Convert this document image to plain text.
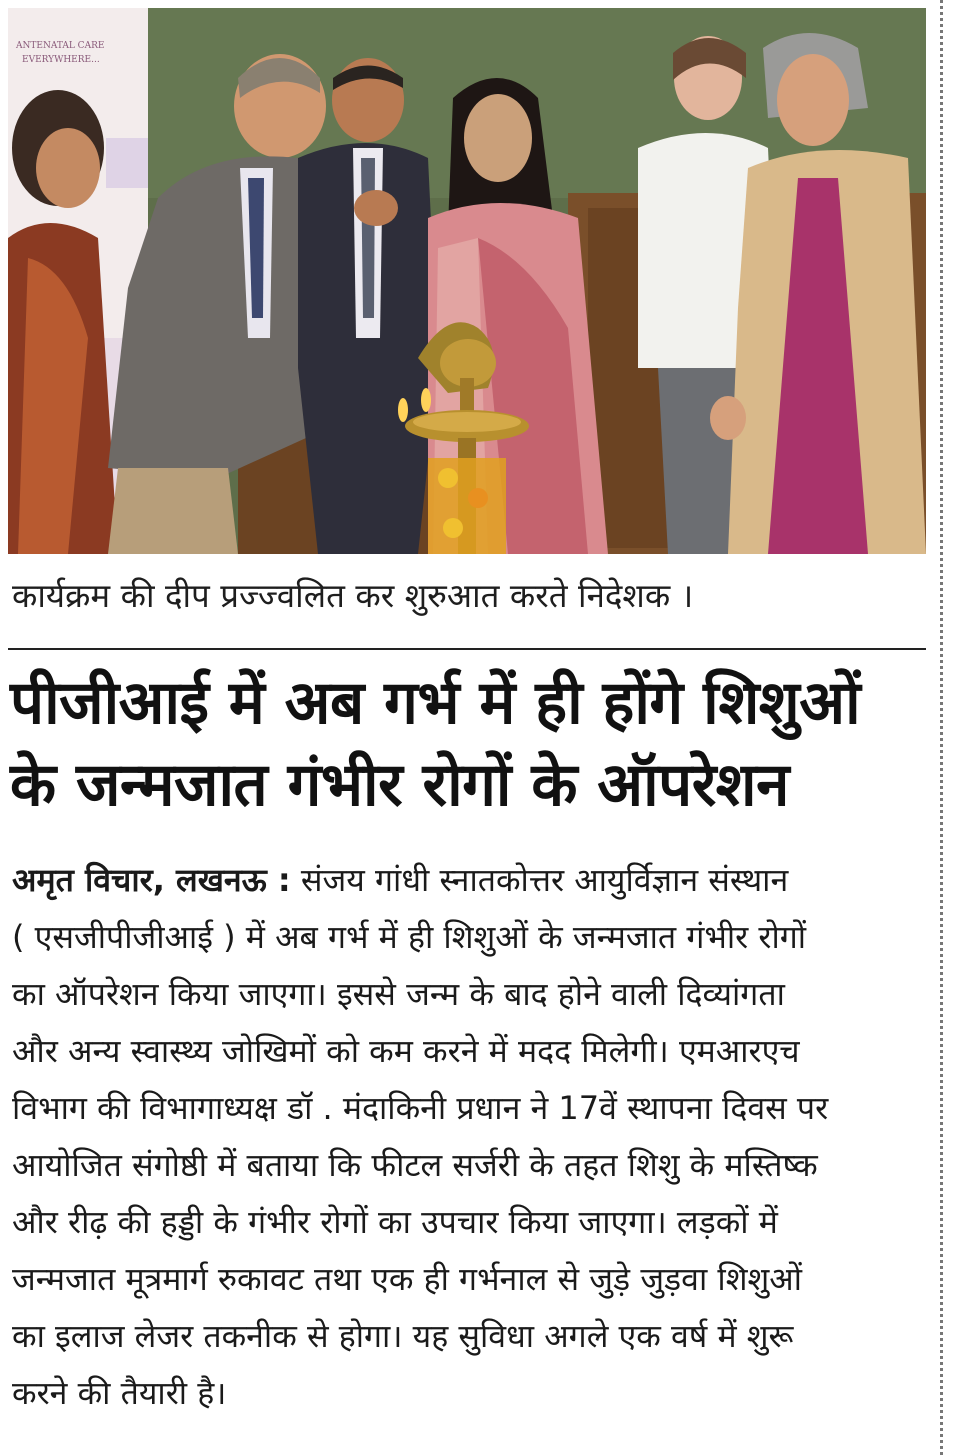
ANTENATAL CARE
EVERYWHERE...
कार्यक्रम की दीप प्रज्ज्वलित कर शुरुआत करते निदेशक ।
पीजीआई में अब गर्भ में ही होंगे शिशुओं
के जन्मजात गंभीर रोगों के ऑपरेशन
अमृत विचार, लखनऊ : संजय गांधी स्नातकोत्तर आयुर्विज्ञान संस्थान
( एसजीपीजीआई ) में अब गर्भ में ही शिशुओं के जन्मजात गंभीर रोगों
का ऑपरेशन किया जाएगा। इससे जन्म के बाद होने वाली दिव्यांगता
और अन्य स्वास्थ्य जोखिमों को कम करने में मदद मिलेगी। एमआरएच
विभाग की विभागाध्यक्ष डॉ . मंदाकिनी प्रधान ने 17वें स्थापना दिवस पर
आयोजित संगोष्ठी में बताया कि फीटल सर्जरी के तहत शिशु के मस्तिष्क
और रीढ़ की हड्डी के गंभीर रोगों का उपचार किया जाएगा। लड़कों में
जन्मजात मूत्रमार्ग रुकावट तथा एक ही गर्भनाल से जुड़े जुड़वा शिशुओं
का इलाज लेजर तकनीक से होगा। यह सुविधा अगले एक वर्ष में शुरू
करने की तैयारी है।
